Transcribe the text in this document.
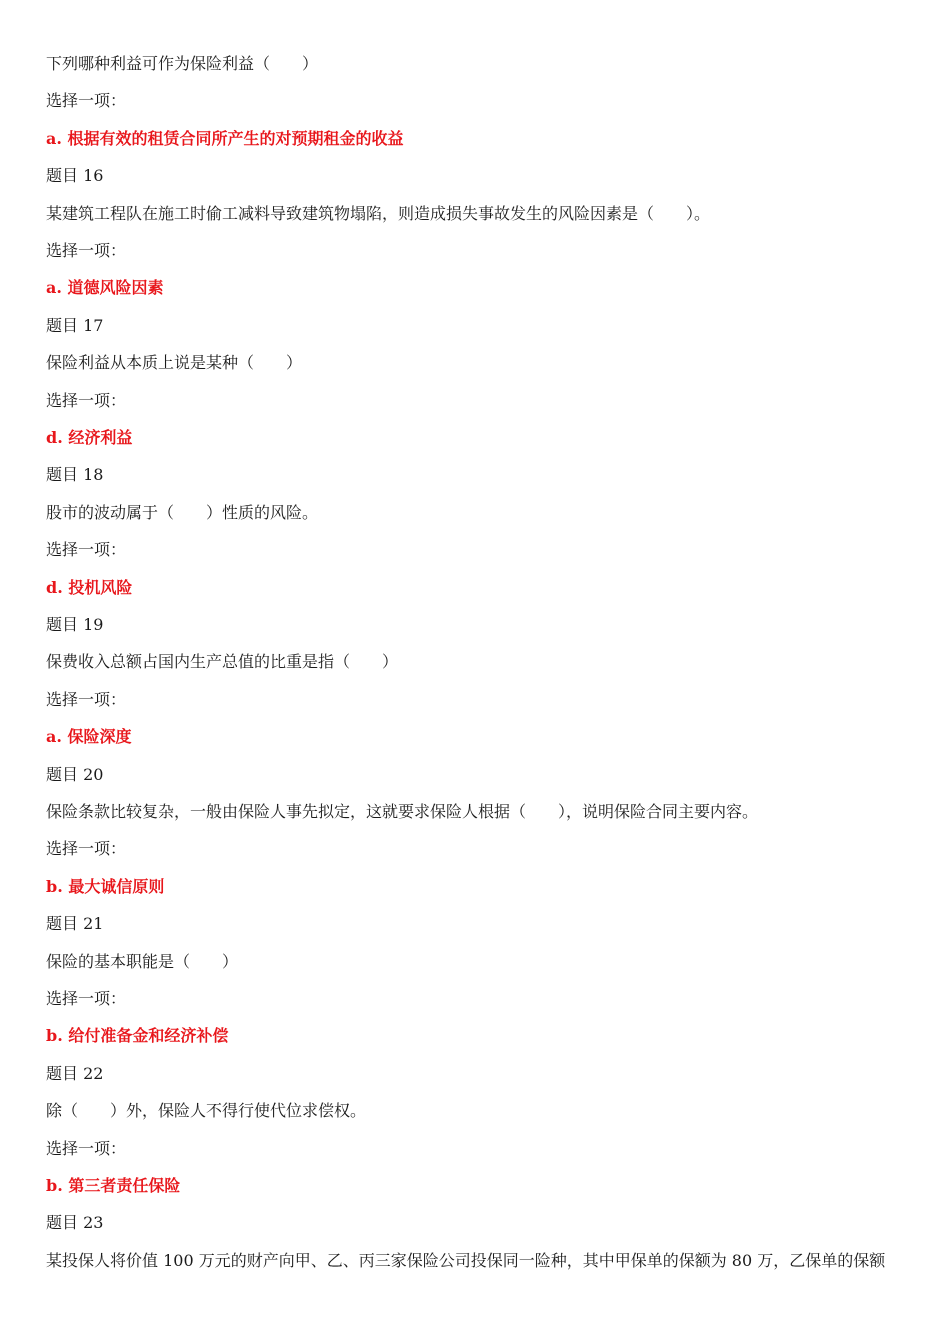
下列哪种利益可作为保险利益（　　）
选择一项：
a. 根据有效的租赁合同所产生的对预期租金的收益
题目 16
某建筑工程队在施工时偷工减料导致建筑物塌陷，则造成损失事故发生的风险因素是（　　）。
选择一项：
a. 道德风险因素
题目 17
保险利益从本质上说是某种（　　）
选择一项：
d. 经济利益
题目 18
股市的波动属于（　　）性质的风险。
选择一项：
d. 投机风险
题目 19
保费收入总额占国内生产总值的比重是指（　　）
选择一项：
a. 保险深度
题目 20
保险条款比较复杂，一般由保险人事先拟定，这就要求保险人根据（　　），说明保险合同主要内容。
选择一项：
b. 最大诚信原则
题目 21
保险的基本职能是（　　）
选择一项：
b. 给付准备金和经济补偿
题目 22
除（　　）外，保险人不得行使代位求偿权。
选择一项：
b. 第三者责任保险
题目 23
某投保人将价值 100 万元的财产向甲、乙、丙三家保险公司投保同一险种，其中甲保单的保额为 80 万，乙保单的保额
